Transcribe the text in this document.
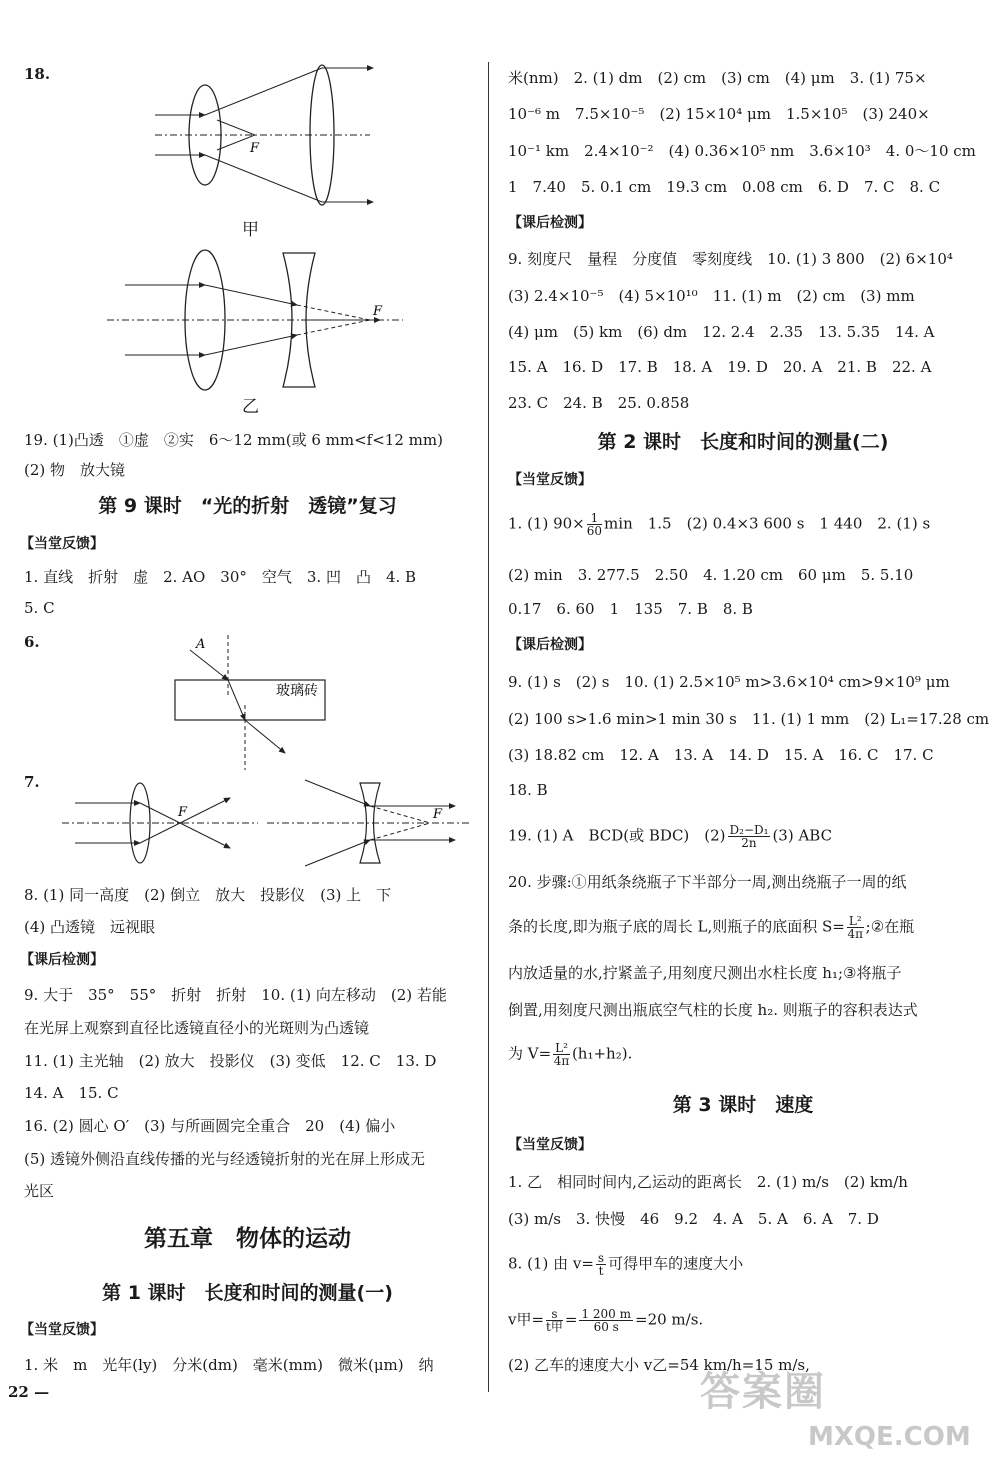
18.
F
甲
F
乙
19. (1)凸透　①虚　②实　6～12 mm(或 6 mm<f<12 mm)
(2) 物　放大镜
第 9 课时　“光的折射　透镜”复习
【当堂反馈】
1. 直线　折射　虚　2. AO　30°　空气　3. 凹　凸　4. B
5. C
6.	A
玻璃砖
7.
F	F
8. (1) 同一高度　(2) 倒立　放大　投影仪　(3) 上　下
(4) 凸透镜　远视眼
【课后检测】
9. 大于　35°　55°　折射　折射　10. (1) 向左移动　(2) 若能
在光屏上观察到直径比透镜直径小的光斑则为凸透镜
11. (1) 主光轴　(2) 放大　投影仪　(3) 变低　12. C　13. D
14. A　15. C
16. (2) 圆心 O′　(3) 与所画圆完全重合　20　(4) 偏小
(5) 透镜外侧沿直线传播的光与经透镜折射的光在屏上形成无
光区
第五章　物体的运动
第 1 课时　长度和时间的测量(一)
【当堂反馈】
1. 米　m　光年(ly)　分米(dm)　毫米(mm)　微米(μm)　纳
22 —
米(nm)　2. (1) dm　(2) cm　(3) cm　(4) μm　3. (1) 75×
10⁻⁶ m　7.5×10⁻⁵　(2) 15×10⁴ μm　1.5×10⁵　(3) 240×
10⁻¹ km　2.4×10⁻²　(4) 0.36×10⁵ nm　3.6×10³　4. 0～10 cm
1　7.40　5. 0.1 cm　19.3 cm　0.08 cm　6. D　7. C　8. C
【课后检测】
9. 刻度尺　量程　分度值　零刻度线　10. (1) 3 800　(2) 6×10⁴
(3) 2.4×10⁻⁵　(4) 5×10¹⁰　11. (1) m　(2) cm　(3) mm
(4) μm　(5) km　(6) dm　12. 2.4　2.35　13. 5.35　14. A
15. A　16. D　17. B　18. A　19. D　20. A　21. B　22. A
23. C　24. B　25. 0.858
第 2 课时　长度和时间的测量(二)
【当堂反馈】
1. (1) $90\times \frac{1}{60}$ min　1.5　(2) 0.4×3 600 s　1 440　2. (1) s
(2) min　3. 277.5　2.50　4. 1.20 cm　60 μm　5. 5.10
0.17　6. 60　1　135　7. B　8. B
【课后检测】
9. (1) s　(2) s　10. (1) 2.5×10⁵ m>3.6×10⁴ cm>9×10⁹ μm
(2) 100 s>1.6 min>1 min 30 s　11. (1) 1 mm　(2) L₁=17.28 cm
(3) 18.82 cm　12. A　13. A　14. D　15. A　16. C　17. C
18. B
19. (1) A　BCD(或 BDC)　$(2) \frac{\text{D₂−D₁}}{2n} (3)$ ABC
20. 步骤:①用纸条绕瓶子下半部分一周,测出绕瓶子一周的纸
条的长度,即为瓶子底的周长 L,则瓶子的底面积 $S= \frac{\text{L²}}{4\pi}$ ;②在瓶
内放适量的水,拧紧盖子,用刻度尺测出水柱长度 h₁;③将瓶子
倒置,用刻度尺测出瓶底空气柱的长度 h₂. 则瓶子的容积表达式
为 $V= \frac{\text{L²}}{4\pi} (h_1+h_2)$.
第 3 课时　速度
【当堂反馈】
1. 乙　相同时间内,乙运动的距离长　2. (1) m/s　(2) km/h
(3) m/s　3. 快慢　46　9.2　4. A　5. A　6. A　7. D
8. (1) 由 $v= \frac{s}{t}$ 可得甲车的速度大小
v甲= $\frac{s}{\text{t甲}} = \frac{1 200 m}{60 s} =20$ m/s.
(2) 乙车的速度大小 v乙=54 km/h=15 m/s,
答案圈
MXQE.COM
